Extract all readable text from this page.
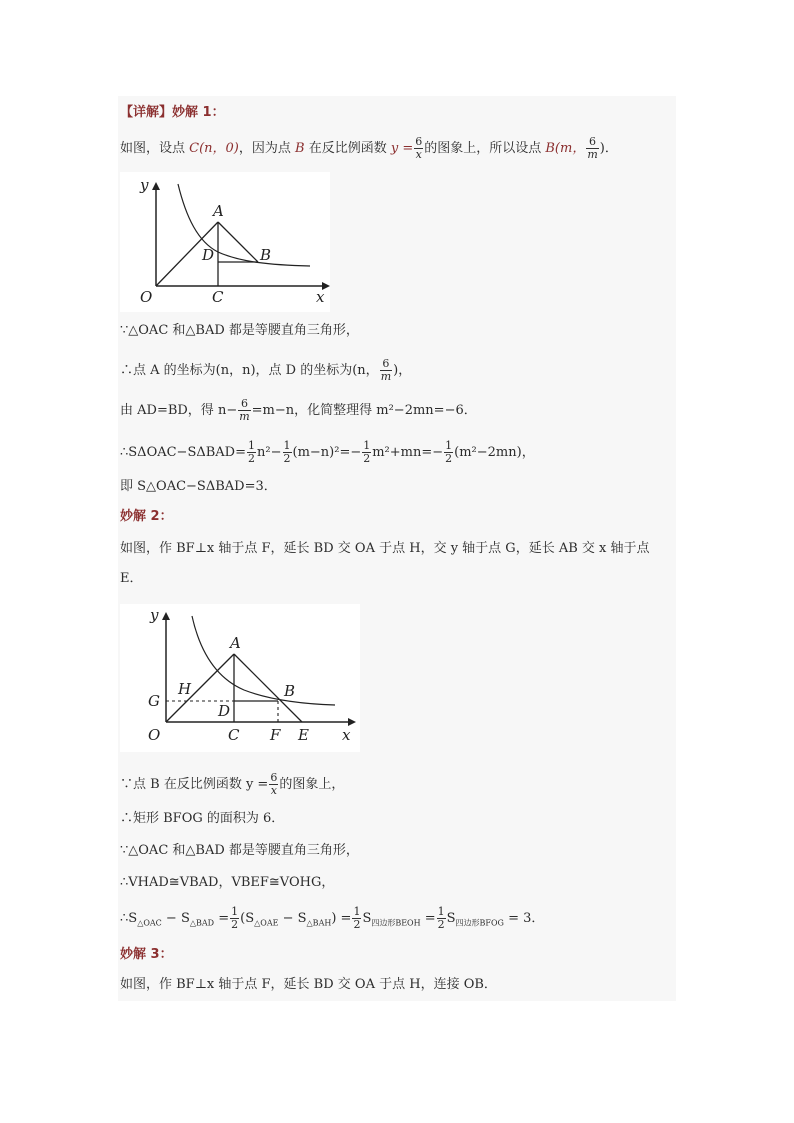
【详解】妙解 1：
如图，设点 C(n，0)，因为点 B 在反比例函数 $y = \frac{6}{x}$ 的图象上，所以设点 B(m， $\frac{6}{m}$ )．
y
x
O
A
B
C
D
∵△OAC 和△BAD 都是等腰直角三角形，
∴点 A 的坐标为(n，n)，点 D 的坐标为(n， $\frac{6}{m}$ )，
由 AD=BD，得 $n- \frac{6}{m} =m-n$，化简整理得 m²−2mn=−6．
∴SΔOAC−SΔBAD= $\frac{1}{2} n^2- \frac{1}{2} (m-n)^2=- \frac{1}{2} m^2+mn=- \frac{1}{2} (m^2-2mn)$，
即 S△OAC−SΔBAD=3．
妙解 2：
如图，作 BF⊥x 轴于点 F，延长 BD 交 OA 于点 H，交 y 轴于点 G，延长 AB 交 x 轴于点
E．
y
x
O
A
B
C
D
E
F
G
H
∵点 B 在反比例函数 $y = \frac{6}{x}$ 的图象上，
∴矩形 BFOG 的面积为 6．
∵△OAC 和△BAD 都是等腰直角三角形，
∴VHAD≅VBAD，VBEF≅VOHG，
$\therefore S_{\triangle OAC} - S_{\triangle BAD} = \frac{1}{2} (S_{\triangle OAE} - S_{\triangle BAH}) = \frac{1}{2} S_{四边形BEOH} = \frac{1}{2} S_{四边形BFOG} = 3$．
妙解 3：
如图，作 BF⊥x 轴于点 F，延长 BD 交 OA 于点 H，连接 OB．
